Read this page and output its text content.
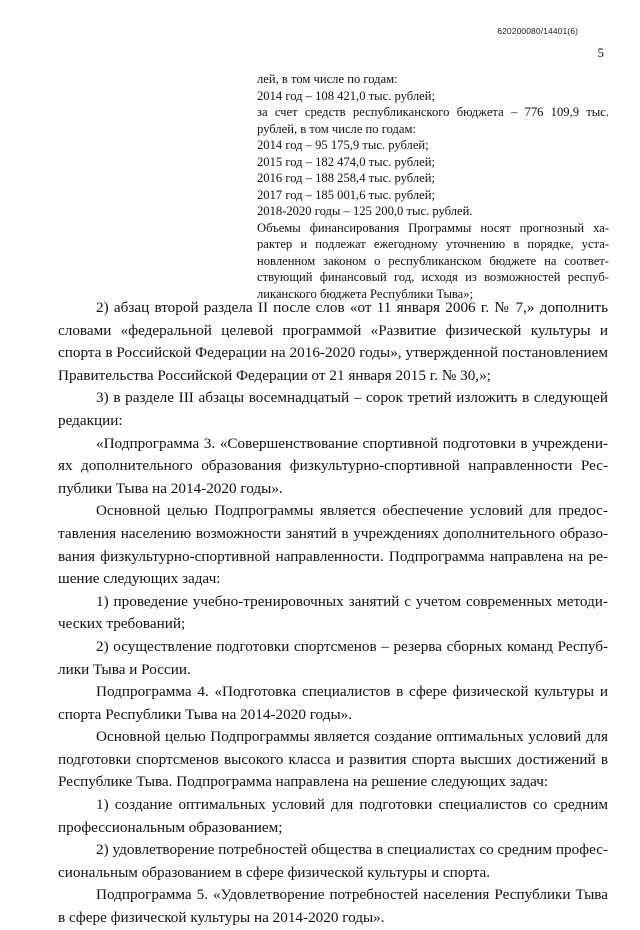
620200080/14401(6)
5
лей, в том числе по годам:
2014 год – 108 421,0 тыс. рублей;
за счет средств республиканского бюджета – 776 109,9 тыс.
рублей, в том числе по годам:
2014 год – 95 175,9 тыс. рублей;
2015 год – 182 474,0 тыс. рублей;
2016 год – 188 258,4 тыс. рублей;
2017 год – 185 001,6 тыс. рублей;
2018-2020 годы – 125 200,0 тыс. рублей.
Объемы финансирования Программы носят прогнозный ха-
рактер и подлежат ежегодному уточнению в порядке, уста-
новленном законом о республиканском бюджете на соответ-
ствующий финансовый год, исходя из возможностей респуб-
ликанского бюджета Республики Тыва»;
2) абзац второй раздела II после слов «от 11 января 2006 г. № 7,» дополнить
словами «федеральной целевой программой «Развитие физической культуры и
спорта в Российской Федерации на 2016-2020 годы», утвержденной постановлением
Правительства Российской Федерации от 21 января 2015 г. № 30,»;
3) в разделе III абзацы восемнадцатый – сорок третий изложить в следующей
редакции:
«Подпрограмма 3. «Совершенствование спортивной подготовки в учреждени-
ях дополнительного образования физкультурно-спортивной направленности Рес-
публики Тыва на 2014-2020 годы».
Основной целью Подпрограммы является обеспечение условий для предос-
тавления населению возможности занятий в учреждениях дополнительного образо-
вания физкультурно-спортивной направленности. Подпрограмма направлена на ре-
шение следующих задач:
1) проведение учебно-тренировочных занятий с учетом современных методи-
ческих требований;
2) осуществление подготовки спортсменов – резерва сборных команд Респуб-
лики Тыва и России.
Подпрограмма 4. «Подготовка специалистов в сфере физической культуры и
спорта Республики Тыва на 2014-2020 годы».
Основной целью Подпрограммы является создание оптимальных условий для
подготовки спортсменов высокого класса и развития спорта высших достижений в
Республике Тыва. Подпрограмма направлена на решение следующих задач:
1) создание оптимальных условий для подготовки специалистов со средним
профессиональным образованием;
2) удовлетворение потребностей общества в специалистах со средним профес-
сиональным образованием в сфере физической культуры и спорта.
Подпрограмма 5. «Удовлетворение потребностей населения Республики Тыва
в сфере физической культуры на 2014-2020 годы».
